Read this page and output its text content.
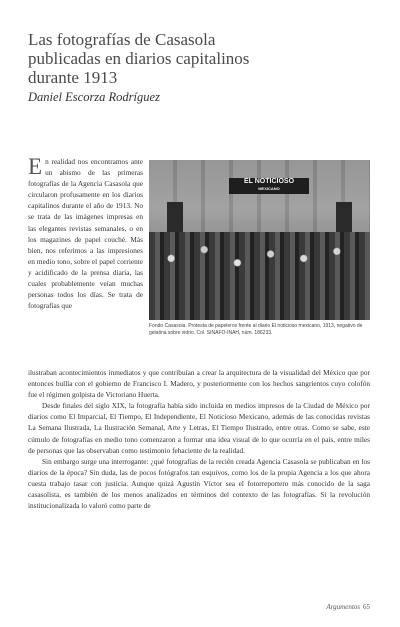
Las fotografías de Casasola publicadas en diarios capitalinos durante 1913
Daniel Escorza Rodríguez
En realidad nos encontramos ante un abismo de las primeras fotografías de la Agencia Casasola que circularon profusamente en los diarios capitalinos durante el año de 1913. No se trata de las imágenes impresas en las elegantes revistas semanales, o en los magazines de papel couché. Más bien, nos referimos a las impresiones en medio tono, sobre el papel corriente y acidificado de la prensa diaria, las cuales probablemente veían muchas personas todos los días. Se trata de fotografías que
EL NOTICIOSO
MEXICANO
Fondo Casasola. Protesta de papeleros frente al diario El noticioso mexicano, 1913, negativo de gelatina sobre vidrio. Col. SINAFO-INAH, núm. 186233.

ilustraban acontecimientos inmediatos y que contribuían a crear la arquitectura de la visualidad del México que por entonces bullía con el gobierno de Francisco I. Madero, y posteriormente con los hechos sangrientos cuyo colofón fue el régimen golpista de Victoriano Huerta.

Desde finales del siglo XIX, la fotografía había sido incluida en medios impresos de la Ciudad de México por diarios como El Imparcial, El Tiempo, El Independiente, El Noticioso Mexicano, además de las conocidas revistas La Semana Ilustrada, La Ilustración Semanal, Arte y Letras, El Tiempo Ilustrado, entre otras. Como se sabe, este cúmulo de fotografías en medio tono comenzaron a formar una idea visual de lo que ocurría en el país, entre miles de personas que las observaban como testimonio fehaciente de la realidad.

Sin embargo surge una interrogante: ¿qué fotografías de la recién creada Agencia Casasola se publicaban en los diarios de la época? Sin duda, las de pocos fotógrafos tan esquivos, como los de la propia Agencia a los que ahora cuesta trabajo tasar con justicia. Aunque quizá Agustín Víctor sea el fotorreportero más conocido de la saga casasolista, es también de los menos analizados en términos del contexto de las fotografías. Si la revolución institucionalizada lo valoró como parte de

Argumentos 65
